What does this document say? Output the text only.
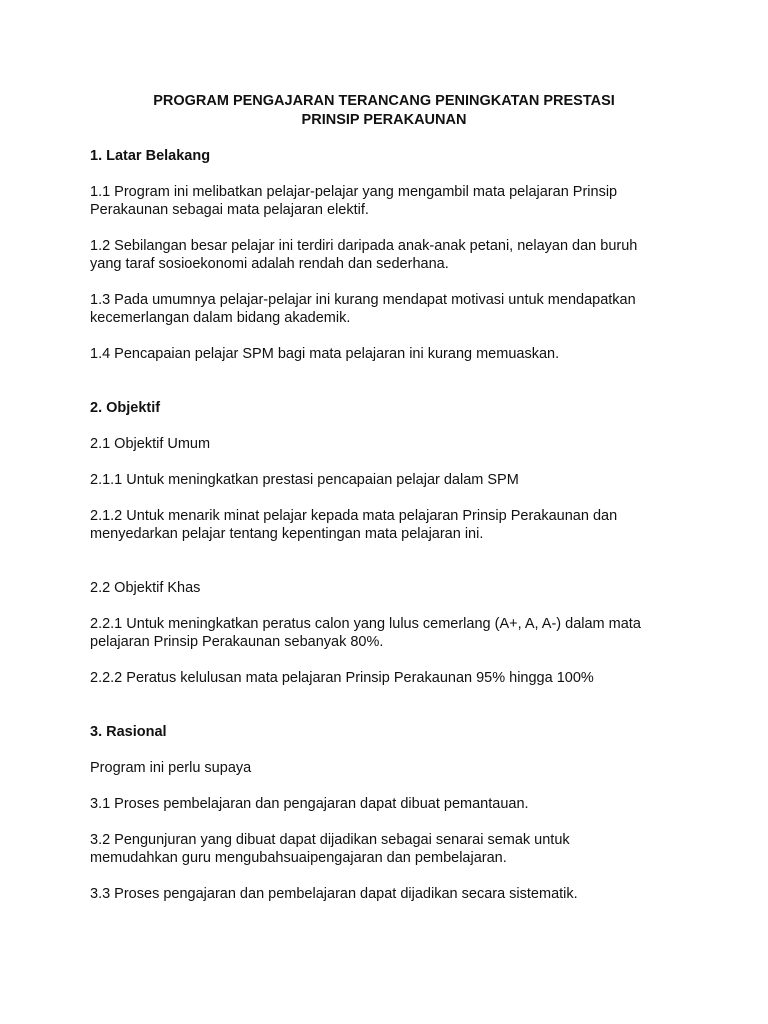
PROGRAM PENGAJARAN TERANCANG PENINGKATAN PRESTASI
PRINSIP PERAKAUNAN
1. Latar Belakang

1.1 Program ini melibatkan pelajar-pelajar yang mengambil mata pelajaran Prinsip
Perakaunan sebagai mata pelajaran elektif.

1.2 Sebilangan besar pelajar ini terdiri daripada anak-anak petani, nelayan dan buruh
yang taraf sosioekonomi adalah rendah dan sederhana.

1.3 Pada umumnya pelajar-pelajar ini kurang mendapat motivasi untuk mendapatkan
kecemerlangan dalam bidang akademik.

1.4 Pencapaian pelajar SPM bagi mata pelajaran ini kurang memuaskan.

2. Objektif

2.1 Objektif Umum

2.1.1 Untuk meningkatkan prestasi pencapaian pelajar dalam SPM

2.1.2 Untuk menarik minat pelajar kepada mata pelajaran Prinsip Perakaunan dan
menyedarkan pelajar tentang kepentingan mata pelajaran ini.

2.2 Objektif Khas

2.2.1 Untuk meningkatkan peratus calon yang lulus cemerlang (A+, A, A-) dalam mata
pelajaran Prinsip Perakaunan sebanyak 80%.

2.2.2 Peratus kelulusan mata pelajaran Prinsip Perakaunan 95% hingga 100%

3. Rasional

Program ini perlu supaya

3.1 Proses pembelajaran dan pengajaran dapat dibuat pemantauan.

3.2 Pengunjuran yang dibuat dapat dijadikan sebagai senarai semak untuk
memudahkan guru mengubahsuaipengajaran dan pembelajaran.

3.3 Proses pengajaran dan pembelajaran dapat dijadikan secara sistematik.
